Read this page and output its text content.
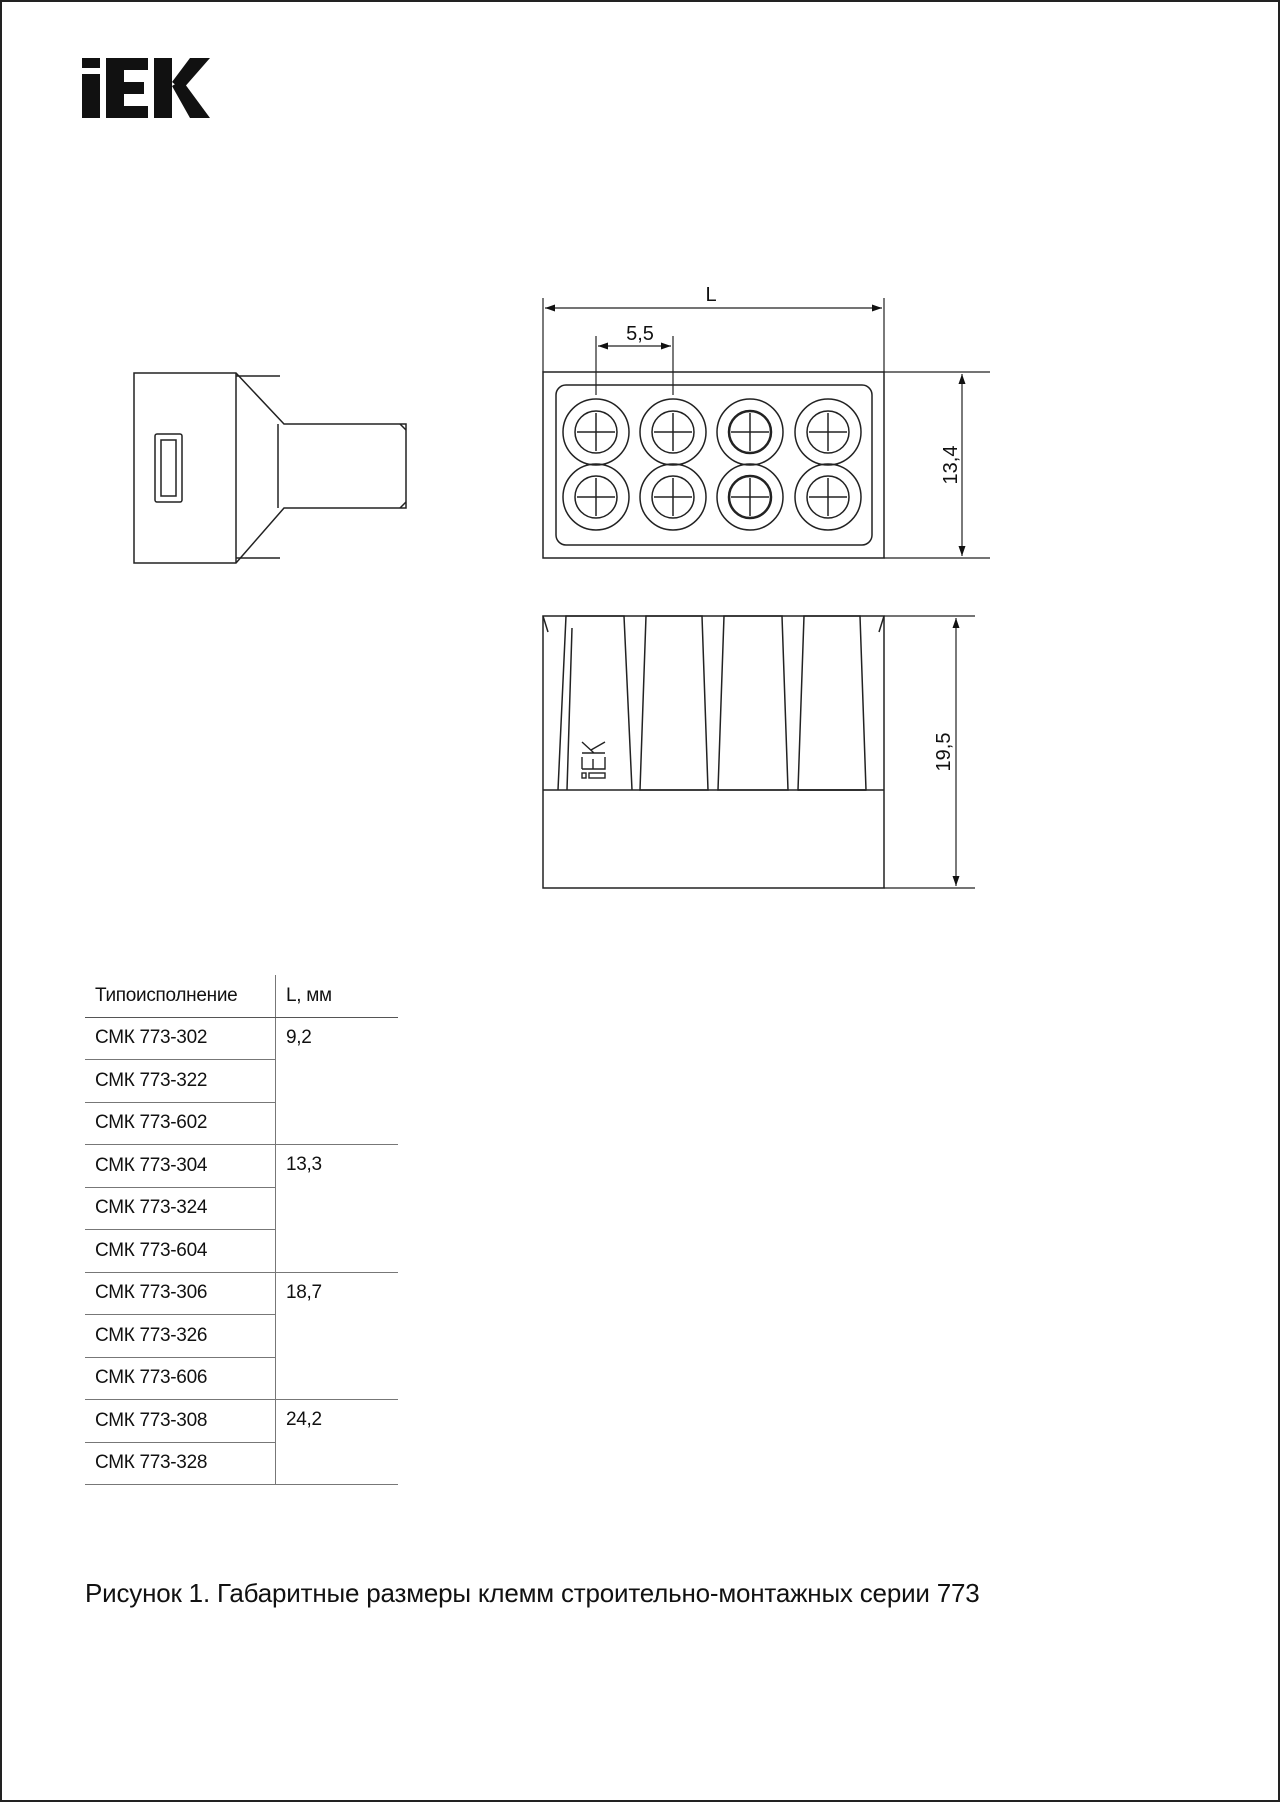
L
5,5
13,4
19,5
Типоисполнение	L, мм
СМК 773-302	9,2
СМК 773-322	
СМК 773-602	
СМК 773-304	13,3
СМК 773-324	
СМК 773-604	
СМК 773-306	18,7
СМК 773-326	
СМК 773-606	
СМК 773-308	24,2
СМК 773-328	
Рисунок 1. Габаритные размеры клемм строительно-монтажных серии 773
